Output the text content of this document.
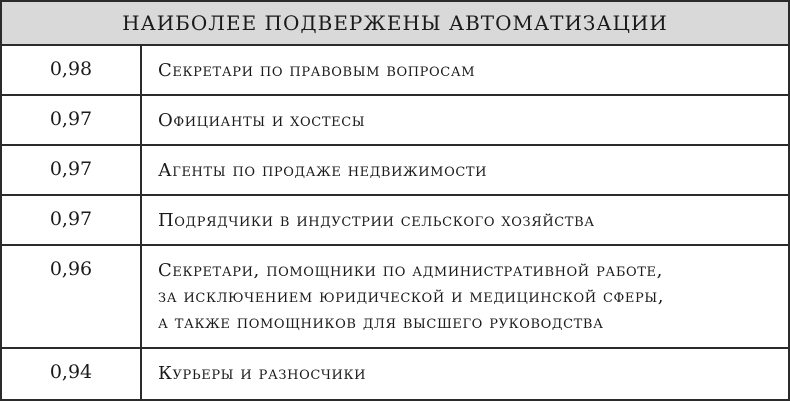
НАИБОЛЕЕ ПОДВЕРЖЕНЫ АВТОМАТИЗАЦИИ
0,98	Секретари по правовым вопросам
0,97	Официанты и хостесы
0,97	Агенты по продаже недвижимости
0,97	Подрядчики в индустрии сельского хозяйства
0,96	Секретари, помощники по административной работе,
за исключением юридической и медицинской сферы,
а также помощников для высшего руководства
0,94	Курьеры и разносчики
